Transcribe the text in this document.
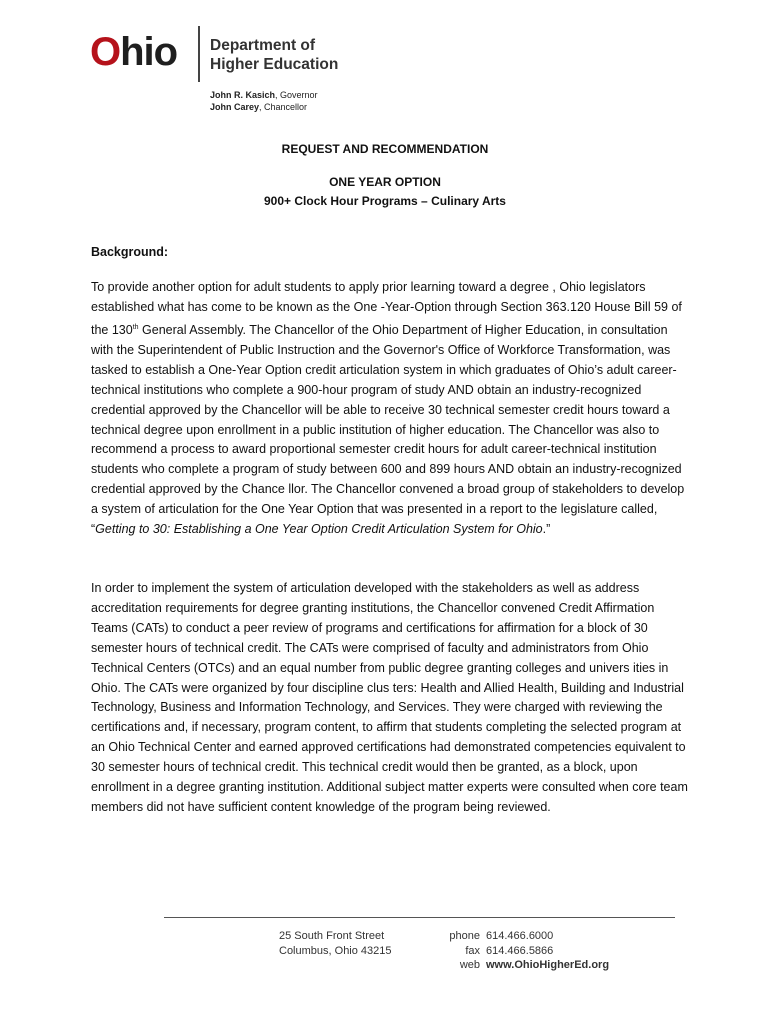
Ohio Department of
Higher Education
John R. Kasich, Governor
John Carey, Chancellor
REQUEST AND RECOMMENDATION
ONE YEAR OPTION
900+ Clock Hour Programs – Culinary Arts
Background:
To provide another option for adult students to apply prior learning toward a degree , Ohio legislators established what has come to be known as the One -Year-Option through Section 363.120 House Bill 59 of the 130th General Assembly. The Chancellor of the Ohio Department of Higher Education, in consultation with the Superintendent of Public Instruction and the Governor's Office of Workforce Transformation, was tasked to establish a One-Year Option credit articulation system in which graduates of Ohio’s adult career-technical institutions who complete a 900-hour program of study AND obtain an industry-recognized credential approved by the Chancellor will be able to receive 30 technical semester credit hours toward a technical degree upon enrollment in a public institution of higher education. The Chancellor was also to recommend a process to award proportional semester credit hours for adult career-technical institution students who complete a program of study between 600 and 899 hours AND obtain an industry-recognized credential approved by the Chance llor. The Chancellor convened a broad group of stakeholders to develop a system of articulation for the One Year Option that was presented in a report to the legislature called, “Getting to 30: Establishing a One Year Option Credit Articulation System for Ohio.”
In order to implement the system of articulation developed with the stakeholders as well as address accreditation requirements for degree granting institutions, the Chancellor convened Credit Affirmation Teams (CATs) to conduct a peer review of programs and certifications for affirmation for a block of 30 semester hours of technical credit. The CATs were comprised of faculty and administrators from Ohio Technical Centers (OTCs) and an equal number from public degree granting colleges and univers ities in Ohio. The CATs were organized by four discipline clus ters: Health and Allied Health, Building and Industrial Technology, Business and Information Technology, and Services. They were charged with reviewing the certifications and, if necessary, program content, to affirm that students completing the selected program at an Ohio Technical Center and earned approved certifications had demonstrated competencies equivalent to 30 semester hours of technical credit. This technical credit would then be granted, as a block, upon enrollment in a degree granting institution. Additional subject matter experts were consulted when core team members did not have sufficient content knowledge of the program being reviewed.
25 South Front Street
Columbus, Ohio 43215
phone 614.466.6000
fax 614.466.5866
web www.OhioHigherEd.org
